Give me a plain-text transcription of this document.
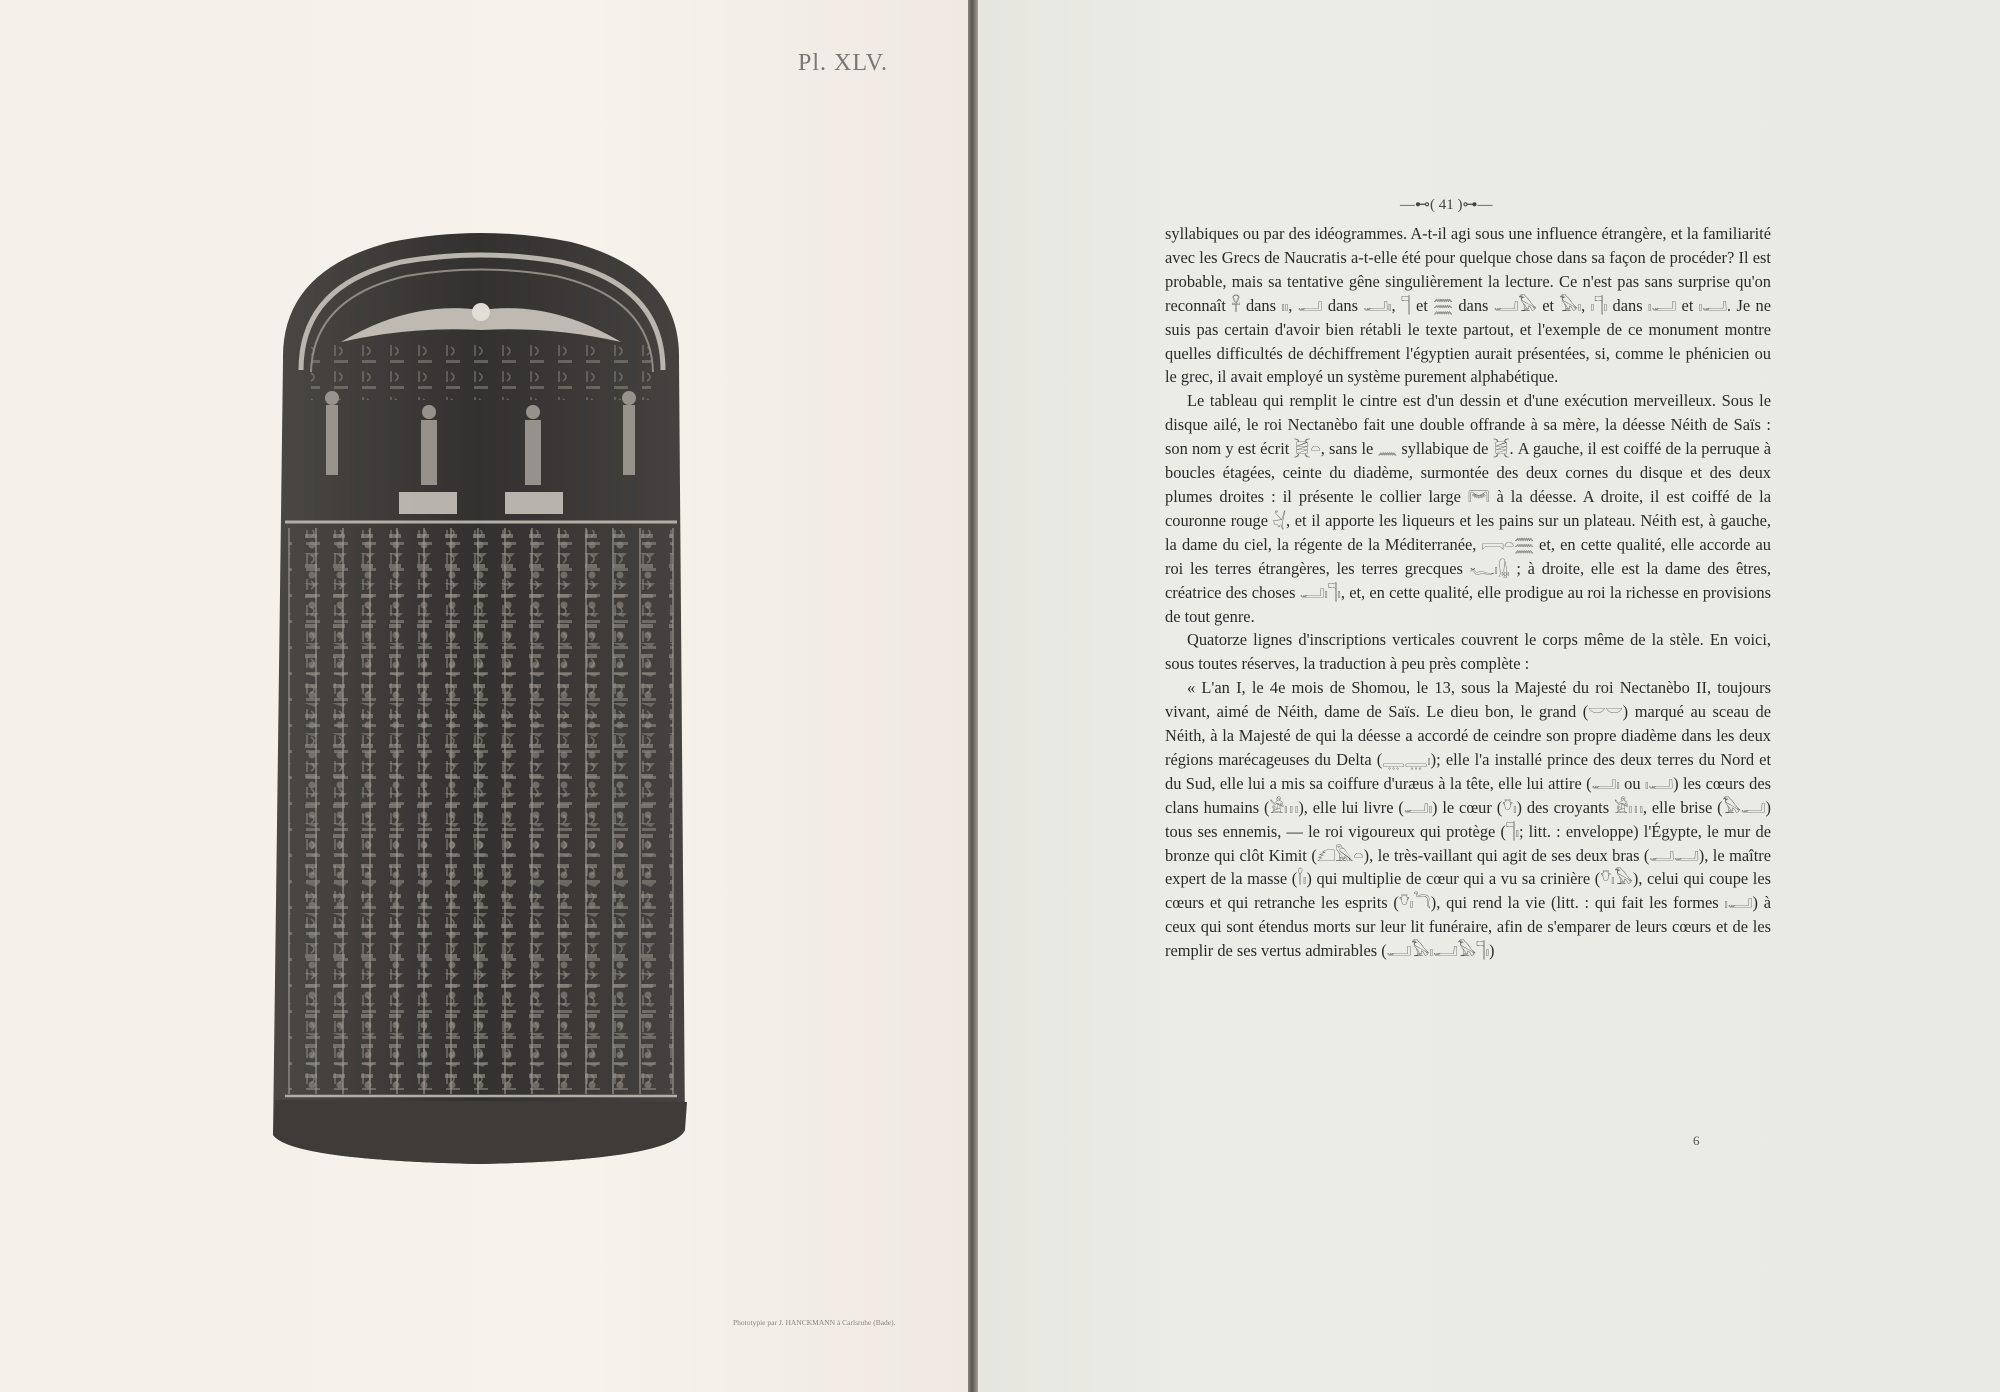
Pl. XLV.
Phototypie par J. HANCKMANN à Carlsruhe (Bade).
—⊷( 41 )⊶—

syllabiques ou par des idéogrammes. A-t-il agi sous une influence étrangère, et la familiarité avec les Grecs de Naucratis a-t-elle été pour quelque chose dans sa façon de procéder? Il est probable, mais sa tentative gêne singulièrement la lecture. Ce n'est pas sans surprise qu'on reconnaît 𓋹 dans 𓏤𓏤, 𓂝 dans 𓂝𓏤, 𓊹 et 𓈗 dans 𓂝𓅃 et 𓅃𓏤, 𓏤𓊹𓏤 dans 𓏤𓂝 et 𓏤𓂝. Je ne suis pas certain d'avoir bien rétabli le texte partout, et l'exemple de ce monument montre quelles difficultés de déchiffrement l'égyptien aurait présentées, si, comme le phénicien ou le grec, il avait employé un système purement alphabétique.

Le tableau qui remplit le cintre est d'un dessin et d'une exécution merveilleux. Sous le disque ailé, le roi Nectanèbo fait une double offrande à sa mère, la déesse Néith de Saïs : son nom y est écrit 𓋌𓏏, sans le 𓈖 syllabique de 𓋌. A gauche, il est coiffé de la perruque à boucles étagées, ceinte du diadème, surmontée des deux cornes du disque et des deux plumes droites : il présente le collier large 𓋞 à la déesse. A droite, il est coiffé de la couronne rouge 𓋔, et il apporte les liqueurs et les pains sur un plateau. Néith est, à gauche, la dame du ciel, la régente de la Méditerranée, 𓇯𓏏𓈗 et, en cette qualité, elle accorde au roi les terres étrangères, les terres grecques 𓆑𓏤𓊮 ; à droite, elle est la dame des êtres, créatrice des choses 𓂝𓏤𓊹𓏤, et, en cette qualité, elle prodigue au roi la richesse en provisions de tout genre.

Quatorze lignes d'inscriptions verticales couvrent le corps même de la stèle. En voici, sous toutes réserves, la traduction à peu près complète :

« L'an I, le 4e mois de Shomou, le 13, sous la Majesté du roi Nectanèbo II, toujours vivant, aimé de Néith, dame de Saïs. Le dieu bon, le grand (𓎟𓎟) marqué au sceau de Néith, à la Majesté de qui la déesse a accordé de ceindre son propre diadème dans les deux régions marécageuses du Delta (𓇾𓇾𓏤); elle l'a installé prince des deux terres du Nord et du Sud, elle lui a mis sa coiffure d'uræus à la tête, elle lui attire (𓂝𓏤 ou 𓏤𓂝) les cœurs des clans humains (𓀀𓏥), elle lui livre (𓂝𓏤) le cœur (𓄣𓏤) des croyants 𓀀𓏥, elle brise (𓅃𓂝) tous ses ennemis, — le roi vigoureux qui protège (𓊹𓏤; litt. : enveloppe) l'Égypte, le mur de bronze qui clôt Kimit (𓆎𓅓𓏏), le très-vaillant qui agit de ses deux bras (𓂝𓂝), le maître expert de la masse (𓌉𓏤) qui multiplie de cœur qui a vu sa crinière (𓄣𓏤𓅃), celui qui coupe les cœurs et qui retranche les esprits (𓄣𓏤𓆓), qui rend la vie (litt. : qui fait les formes 𓏤𓂝) à ceux qui sont étendus morts sur leur lit funéraire, afin de s'emparer de leurs cœurs et de les remplir de ses vertus admirables (𓂝𓅃𓏤𓂝𓅃𓊹𓏤)

6
